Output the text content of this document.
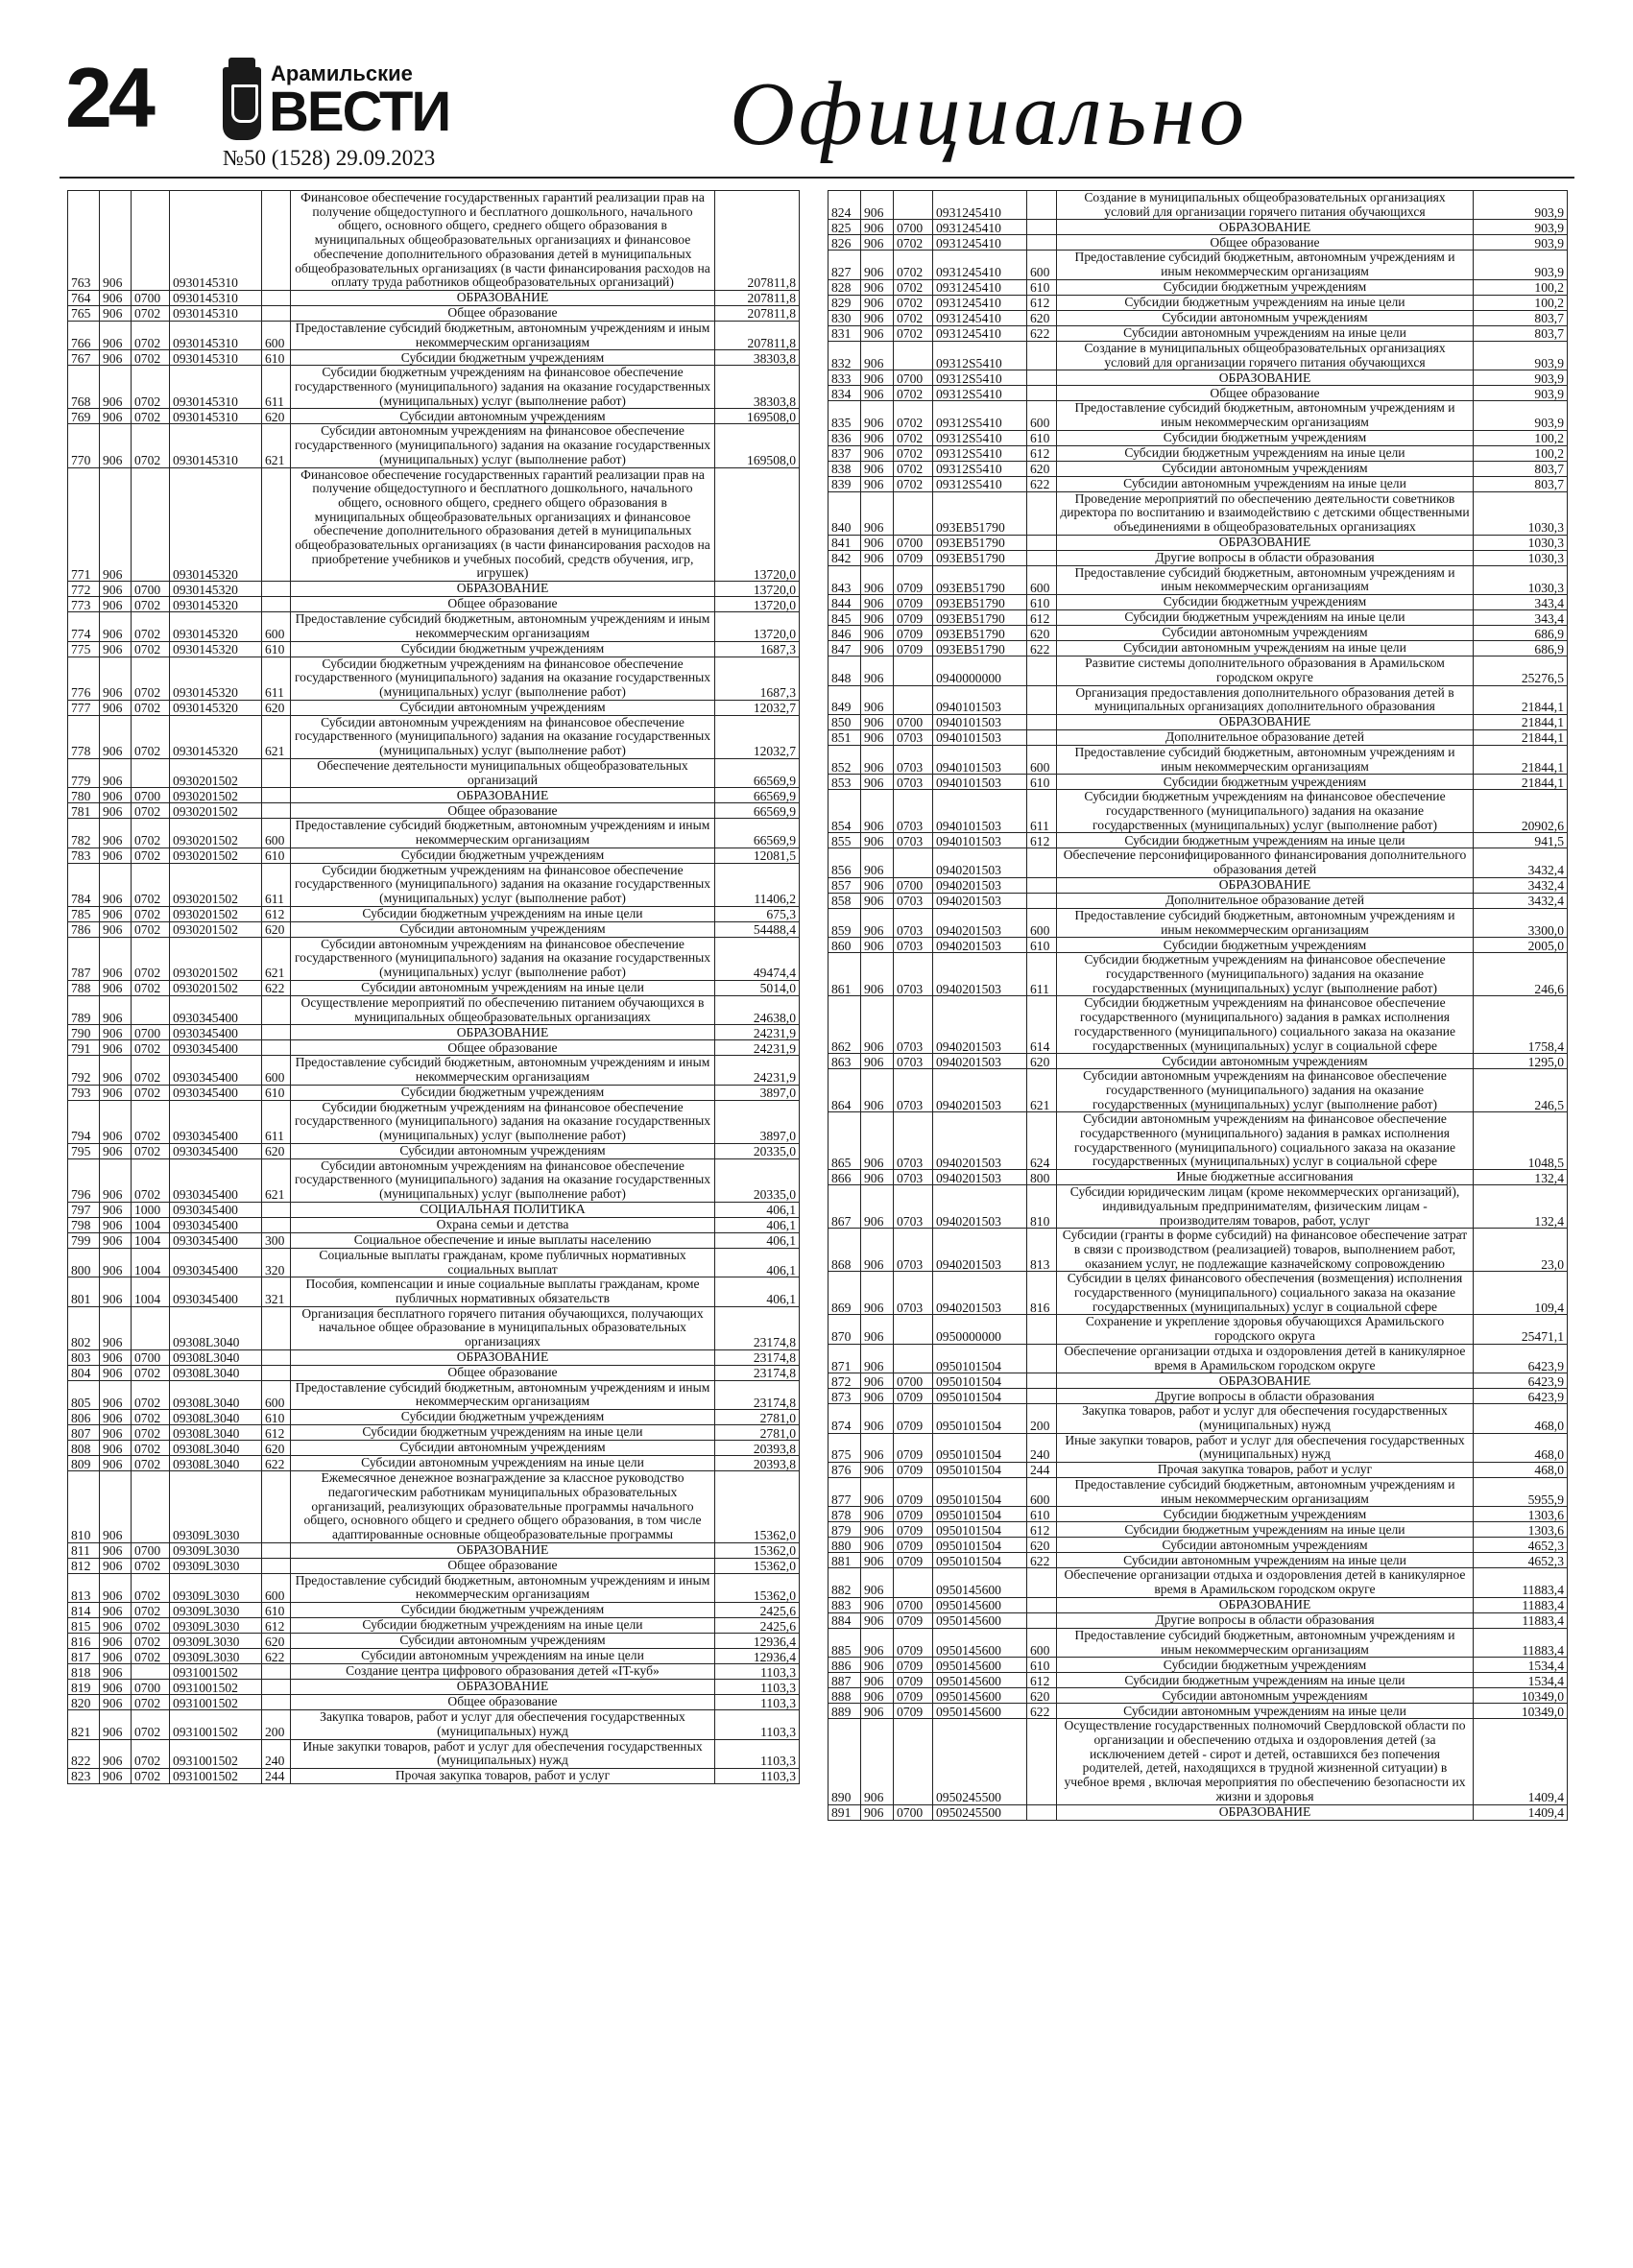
24	Арамильские
ВЕСТИ
№50 (1528) 29.09.2023	Официально
763	906		0930145310		Финансовое обеспечение государственных гарантий реализации прав на получение общедоступного и бесплатного дошкольного, начального общего, основного общего, среднего общего образования в муниципальных общеобразовательных организациях и финансовое обеспечение дополнительного образования детей в муниципальных общеобразовательных организациях (в части финансирования расходов на оплату труда работников общеобразовательных организаций)	207811,8
764	906	0700	0930145310		ОБРАЗОВАНИЕ	207811,8
765	906	0702	0930145310		Общее образование	207811,8
766	906	0702	0930145310	600	Предоставление субсидий бюджетным, автономным учреждениям и иным некоммерческим организациям	207811,8
767	906	0702	0930145310	610	Субсидии бюджетным учреждениям	38303,8
768	906	0702	0930145310	611	Субсидии бюджетным учреждениям на финансовое обеспечение государственного (муниципального) задания на оказание государственных (муниципальных) услуг (выполнение работ)	38303,8
769	906	0702	0930145310	620	Субсидии автономным учреждениям	169508,0
770	906	0702	0930145310	621	Субсидии автономным учреждениям на финансовое обеспечение государственного (муниципального) задания на оказание государственных (муниципальных) услуг (выполнение работ)	169508,0
771	906		0930145320		Финансовое обеспечение государственных гарантий реализации прав на получение общедоступного и бесплатного дошкольного, начального общего, основного общего, среднего общего образования в муниципальных общеобразовательных организациях и финансовое обеспечение дополнительного образования детей в муниципальных общеобразовательных организациях (в части финансирования расходов на приобретение учебников и учебных пособий, средств обучения, игр, игрушек)	13720,0
772	906	0700	0930145320		ОБРАЗОВАНИЕ	13720,0
773	906	0702	0930145320		Общее образование	13720,0
774	906	0702	0930145320	600	Предоставление субсидий бюджетным, автономным учреждениям и иным некоммерческим организациям	13720,0
775	906	0702	0930145320	610	Субсидии бюджетным учреждениям	1687,3
776	906	0702	0930145320	611	Субсидии бюджетным учреждениям на финансовое обеспечение государственного (муниципального) задания на оказание государственных (муниципальных) услуг (выполнение работ)	1687,3
777	906	0702	0930145320	620	Субсидии автономным учреждениям	12032,7
778	906	0702	0930145320	621	Субсидии автономным учреждениям на финансовое обеспечение государственного (муниципального) задания на оказание государственных (муниципальных) услуг (выполнение работ)	12032,7
779	906		0930201502		Обеспечение деятельности муниципальных общеобразовательных организаций	66569,9
780	906	0700	0930201502		ОБРАЗОВАНИЕ	66569,9
781	906	0702	0930201502		Общее образование	66569,9
782	906	0702	0930201502	600	Предоставление субсидий бюджетным, автономным учреждениям и иным некоммерческим организациям	66569,9
783	906	0702	0930201502	610	Субсидии бюджетным учреждениям	12081,5
784	906	0702	0930201502	611	Субсидии бюджетным учреждениям на финансовое обеспечение государственного (муниципального) задания на оказание государственных (муниципальных) услуг (выполнение работ)	11406,2
785	906	0702	0930201502	612	Субсидии бюджетным учреждениям на иные цели	675,3
786	906	0702	0930201502	620	Субсидии автономным учреждениям	54488,4
787	906	0702	0930201502	621	Субсидии автономным учреждениям на финансовое обеспечение государственного (муниципального) задания на оказание государственных (муниципальных) услуг (выполнение работ)	49474,4
788	906	0702	0930201502	622	Субсидии автономным учреждениям на иные цели	5014,0
789	906		0930345400		Осуществление мероприятий по обеспечению питанием обучающихся в муниципальных общеобразовательных организациях	24638,0
790	906	0700	0930345400		ОБРАЗОВАНИЕ	24231,9
791	906	0702	0930345400		Общее образование	24231,9
792	906	0702	0930345400	600	Предоставление субсидий бюджетным, автономным учреждениям и иным некоммерческим организациям	24231,9
793	906	0702	0930345400	610	Субсидии бюджетным учреждениям	3897,0
794	906	0702	0930345400	611	Субсидии бюджетным учреждениям на финансовое обеспечение государственного (муниципального) задания на оказание государственных (муниципальных) услуг (выполнение работ)	3897,0
795	906	0702	0930345400	620	Субсидии автономным учреждениям	20335,0
796	906	0702	0930345400	621	Субсидии автономным учреждениям на финансовое обеспечение государственного (муниципального) задания на оказание государственных (муниципальных) услуг (выполнение работ)	20335,0
797	906	1000	0930345400		СОЦИАЛЬНАЯ ПОЛИТИКА	406,1
798	906	1004	0930345400		Охрана семьи и детства	406,1
799	906	1004	0930345400	300	Социальное обеспечение и иные выплаты населению	406,1
800	906	1004	0930345400	320	Социальные выплаты гражданам, кроме публичных нормативных социальных выплат	406,1
801	906	1004	0930345400	321	Пособия, компенсации и иные социальные выплаты гражданам, кроме публичных нормативных обязательств	406,1
802	906		09308L3040		Организация бесплатного горячего питания обучающихся, получающих начальное общее образование в муниципальных образовательных организациях	23174,8
803	906	0700	09308L3040		ОБРАЗОВАНИЕ	23174,8
804	906	0702	09308L3040		Общее образование	23174,8
805	906	0702	09308L3040	600	Предоставление субсидий бюджетным, автономным учреждениям и иным некоммерческим организациям	23174,8
806	906	0702	09308L3040	610	Субсидии бюджетным учреждениям	2781,0
807	906	0702	09308L3040	612	Субсидии бюджетным учреждениям на иные цели	2781,0
808	906	0702	09308L3040	620	Субсидии автономным учреждениям	20393,8
809	906	0702	09308L3040	622	Субсидии автономным учреждениям на иные цели	20393,8
810	906		09309L3030		Ежемесячное денежное вознаграждение за классное руководство педагогическим работникам муниципальных образовательных организаций, реализующих образовательные программы начального общего, основного общего и среднего общего образования, в том числе адаптированные основные общеобразовательные программы	15362,0
811	906	0700	09309L3030		ОБРАЗОВАНИЕ	15362,0
812	906	0702	09309L3030		Общее образование	15362,0
813	906	0702	09309L3030	600	Предоставление субсидий бюджетным, автономным учреждениям и иным некоммерческим организациям	15362,0
814	906	0702	09309L3030	610	Субсидии бюджетным учреждениям	2425,6
815	906	0702	09309L3030	612	Субсидии бюджетным учреждениям на иные цели	2425,6
816	906	0702	09309L3030	620	Субсидии автономным учреждениям	12936,4
817	906	0702	09309L3030	622	Субсидии автономным учреждениям на иные цели	12936,4
818	906		0931001502		Создание центра цифрового образования детей «IT-куб»	1103,3
819	906	0700	0931001502		ОБРАЗОВАНИЕ	1103,3
820	906	0702	0931001502		Общее образование	1103,3
821	906	0702	0931001502	200	Закупка товаров, работ и услуг для обеспечения государственных (муниципальных) нужд	1103,3
822	906	0702	0931001502	240	Иные закупки товаров, работ и услуг для обеспечения государственных (муниципальных) нужд	1103,3
823	906	0702	0931001502	244	Прочая закупка товаров, работ и услуг	1103,3
824	906		0931245410		Создание в муниципальных общеобразовательных организациях условий для организации горячего питания обучающихся	903,9
825	906	0700	0931245410		ОБРАЗОВАНИЕ	903,9
826	906	0702	0931245410		Общее образование	903,9
827	906	0702	0931245410	600	Предоставление субсидий бюджетным, автономным учреждениям и иным некоммерческим организациям	903,9
828	906	0702	0931245410	610	Субсидии бюджетным учреждениям	100,2
829	906	0702	0931245410	612	Субсидии бюджетным учреждениям на иные цели	100,2
830	906	0702	0931245410	620	Субсидии автономным учреждениям	803,7
831	906	0702	0931245410	622	Субсидии автономным учреждениям на иные цели	803,7
832	906		09312S5410		Создание в муниципальных общеобразовательных организациях условий для организации горячего питания обучающихся	903,9
833	906	0700	09312S5410		ОБРАЗОВАНИЕ	903,9
834	906	0702	09312S5410		Общее образование	903,9
835	906	0702	09312S5410	600	Предоставление субсидий бюджетным, автономным учреждениям и иным некоммерческим организациям	903,9
836	906	0702	09312S5410	610	Субсидии бюджетным учреждениям	100,2
837	906	0702	09312S5410	612	Субсидии бюджетным учреждениям на иные цели	100,2
838	906	0702	09312S5410	620	Субсидии автономным учреждениям	803,7
839	906	0702	09312S5410	622	Субсидии автономным учреждениям на иные цели	803,7
840	906		093EB51790		Проведение мероприятий по обеспечению деятельности советников директора по воспитанию и взаимодействию с детскими общественными объединениями в общеобразовательных организациях	1030,3
841	906	0700	093EB51790		ОБРАЗОВАНИЕ	1030,3
842	906	0709	093EB51790		Другие вопросы в области образования	1030,3
843	906	0709	093EB51790	600	Предоставление субсидий бюджетным, автономным учреждениям и иным некоммерческим организациям	1030,3
844	906	0709	093EB51790	610	Субсидии бюджетным учреждениям	343,4
845	906	0709	093EB51790	612	Субсидии бюджетным учреждениям на иные цели	343,4
846	906	0709	093EB51790	620	Субсидии автономным учреждениям	686,9
847	906	0709	093EB51790	622	Субсидии автономным учреждениям на иные цели	686,9
848	906		0940000000		Развитие системы дополнительного образования в Арамильском городском округе	25276,5
849	906		0940101503		Организация предоставления дополнительного образования детей в муниципальных организациях дополнительного образования	21844,1
850	906	0700	0940101503		ОБРАЗОВАНИЕ	21844,1
851	906	0703	0940101503		Дополнительное образование детей	21844,1
852	906	0703	0940101503	600	Предоставление субсидий бюджетным, автономным учреждениям и иным некоммерческим организациям	21844,1
853	906	0703	0940101503	610	Субсидии бюджетным учреждениям	21844,1
854	906	0703	0940101503	611	Субсидии бюджетным учреждениям на финансовое обеспечение государственного (муниципального) задания на оказание государственных (муниципальных) услуг (выполнение работ)	20902,6
855	906	0703	0940101503	612	Субсидии бюджетным учреждениям на иные цели	941,5
856	906		0940201503		Обеспечение персонифицированного финансирования дополнительного образования детей	3432,4
857	906	0700	0940201503		ОБРАЗОВАНИЕ	3432,4
858	906	0703	0940201503		Дополнительное образование детей	3432,4
859	906	0703	0940201503	600	Предоставление субсидий бюджетным, автономным учреждениям и иным некоммерческим организациям	3300,0
860	906	0703	0940201503	610	Субсидии бюджетным учреждениям	2005,0
861	906	0703	0940201503	611	Субсидии бюджетным учреждениям на финансовое обеспечение государственного (муниципального) задания на оказание государственных (муниципальных) услуг (выполнение работ)	246,6
862	906	0703	0940201503	614	Субсидии бюджетным учреждениям на финансовое обеспечение государственного (муниципального) задания в рамках исполнения государственного (муниципального) социального заказа на оказание государственных (муниципальных) услуг в социальной сфере	1758,4
863	906	0703	0940201503	620	Субсидии автономным учреждениям	1295,0
864	906	0703	0940201503	621	Субсидии автономным учреждениям на финансовое обеспечение государственного (муниципального) задания на оказание государственных (муниципальных) услуг (выполнение работ)	246,5
865	906	0703	0940201503	624	Субсидии автономным учреждениям на финансовое обеспечение государственного (муниципального) задания в рамках исполнения государственного (муниципального) социального заказа на оказание государственных (муниципальных) услуг в социальной сфере	1048,5
866	906	0703	0940201503	800	Иные бюджетные ассигнования	132,4
867	906	0703	0940201503	810	Субсидии юридическим лицам (кроме некоммерческих организаций), индивидуальным предпринимателям, физическим лицам - производителям товаров, работ, услуг	132,4
868	906	0703	0940201503	813	Субсидии (гранты в форме субсидий) на финансовое обеспечение затрат в связи с производством (реализацией) товаров, выполнением работ, оказанием услуг, не подлежащие казначейскому сопровождению	23,0
869	906	0703	0940201503	816	Субсидии в целях финансового обеспечения (возмещения) исполнения государственного (муниципального) социального заказа на оказание государственных (муниципальных) услуг в социальной сфере	109,4
870	906		0950000000		Сохранение и укрепление здоровья обучающихся Арамильского городского округа	25471,1
871	906		0950101504		Обеспечение организации отдыха и оздоровления детей в каникулярное время в Арамильском городском округе	6423,9
872	906	0700	0950101504		ОБРАЗОВАНИЕ	6423,9
873	906	0709	0950101504		Другие вопросы в области образования	6423,9
874	906	0709	0950101504	200	Закупка товаров, работ и услуг для обеспечения государственных (муниципальных) нужд	468,0
875	906	0709	0950101504	240	Иные закупки товаров, работ и услуг для обеспечения государственных (муниципальных) нужд	468,0
876	906	0709	0950101504	244	Прочая закупка товаров, работ и услуг	468,0
877	906	0709	0950101504	600	Предоставление субсидий бюджетным, автономным учреждениям и иным некоммерческим организациям	5955,9
878	906	0709	0950101504	610	Субсидии бюджетным учреждениям	1303,6
879	906	0709	0950101504	612	Субсидии бюджетным учреждениям на иные цели	1303,6
880	906	0709	0950101504	620	Субсидии автономным учреждениям	4652,3
881	906	0709	0950101504	622	Субсидии автономным учреждениям на иные цели	4652,3
882	906		0950145600		Обеспечение организации отдыха и оздоровления детей в каникулярное время в Арамильском городском округе	11883,4
883	906	0700	0950145600		ОБРАЗОВАНИЕ	11883,4
884	906	0709	0950145600		Другие вопросы в области образования	11883,4
885	906	0709	0950145600	600	Предоставление субсидий бюджетным, автономным учреждениям и иным некоммерческим организациям	11883,4
886	906	0709	0950145600	610	Субсидии бюджетным учреждениям	1534,4
887	906	0709	0950145600	612	Субсидии бюджетным учреждениям на иные цели	1534,4
888	906	0709	0950145600	620	Субсидии автономным учреждениям	10349,0
889	906	0709	0950145600	622	Субсидии автономным учреждениям на иные цели	10349,0
890	906		0950245500		Осуществление государственных полномочий Свердловской области по организации и обеспечению отдыха и оздоровления детей (за исключением детей - сирот и детей, оставшихся без попечения родителей, детей, находящихся в трудной жизненной ситуации) в учебное время , включая мероприятия по обеспечению безопасности их жизни и здоровья	1409,4
891	906	0700	0950245500		ОБРАЗОВАНИЕ	1409,4
